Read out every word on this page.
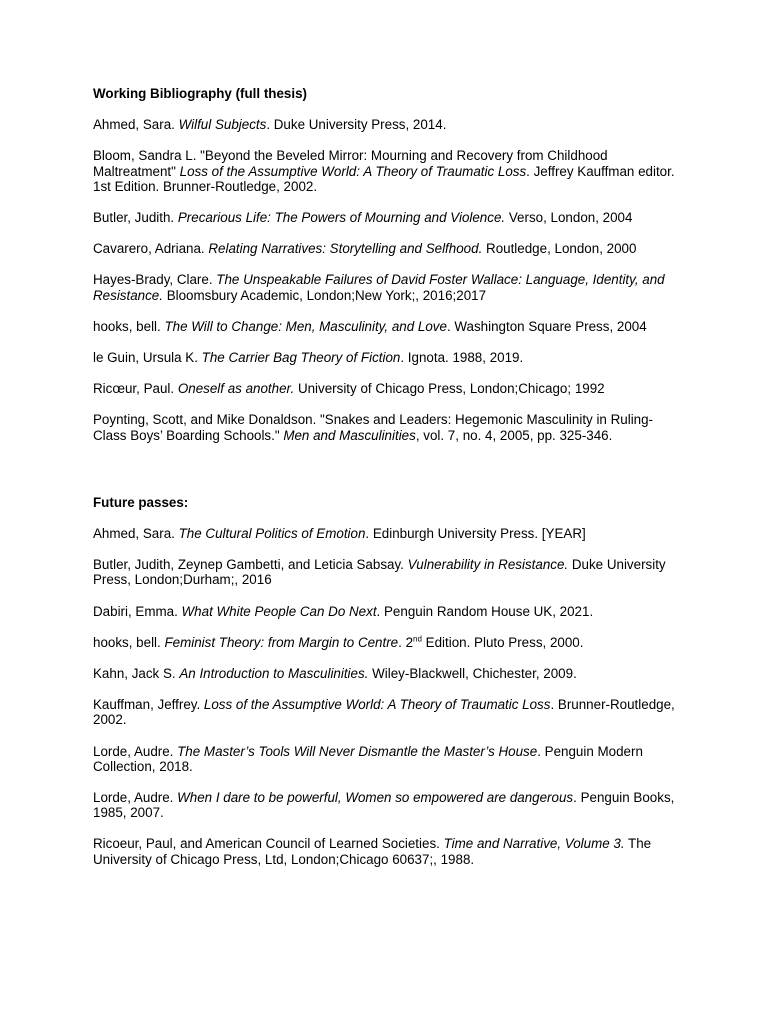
Working Bibliography (full thesis)
Ahmed, Sara. Wilful Subjects. Duke University Press, 2014.
Bloom, Sandra L. "Beyond the Beveled Mirror: Mourning and Recovery from Childhood Maltreatment" Loss of the Assumptive World: A Theory of Traumatic Loss. Jeffrey Kauffman editor. 1st Edition. Brunner-Routledge, 2002.
Butler, Judith. Precarious Life: The Powers of Mourning and Violence. Verso, London, 2004
Cavarero, Adriana. Relating Narratives: Storytelling and Selfhood. Routledge, London, 2000
Hayes-Brady, Clare. The Unspeakable Failures of David Foster Wallace: Language, Identity, and Resistance. Bloomsbury Academic, London;New York;, 2016;2017
hooks, bell. The Will to Change: Men, Masculinity, and Love. Washington Square Press, 2004
le Guin, Ursula K. The Carrier Bag Theory of Fiction. Ignota. 1988, 2019.
Ricœur, Paul. Oneself as another. University of Chicago Press, London;Chicago; 1992
Poynting, Scott, and Mike Donaldson. "Snakes and Leaders: Hegemonic Masculinity in Ruling-Class Boys’ Boarding Schools." Men and Masculinities, vol. 7, no. 4, 2005, pp. 325-346.
Future passes:
Ahmed, Sara. The Cultural Politics of Emotion. Edinburgh University Press. [YEAR]
Butler, Judith, Zeynep Gambetti, and Leticia Sabsay. Vulnerability in Resistance. Duke University Press, London;Durham;, 2016
Dabiri, Emma. What White People Can Do Next. Penguin Random House UK, 2021.
hooks, bell. Feminist Theory: from Margin to Centre. 2nd Edition. Pluto Press, 2000.
Kahn, Jack S. An Introduction to Masculinities. Wiley-Blackwell, Chichester, 2009.
Kauffman, Jeffrey. Loss of the Assumptive World: A Theory of Traumatic Loss. Brunner-Routledge, 2002.
Lorde, Audre. The Master’s Tools Will Never Dismantle the Master’s House. Penguin Modern Collection, 2018.
Lorde, Audre. When I dare to be powerful, Women so empowered are dangerous. Penguin Books, 1985, 2007.
Ricoeur, Paul, and American Council of Learned Societies. Time and Narrative, Volume 3. The University of Chicago Press, Ltd, London;Chicago 60637;, 1988.
